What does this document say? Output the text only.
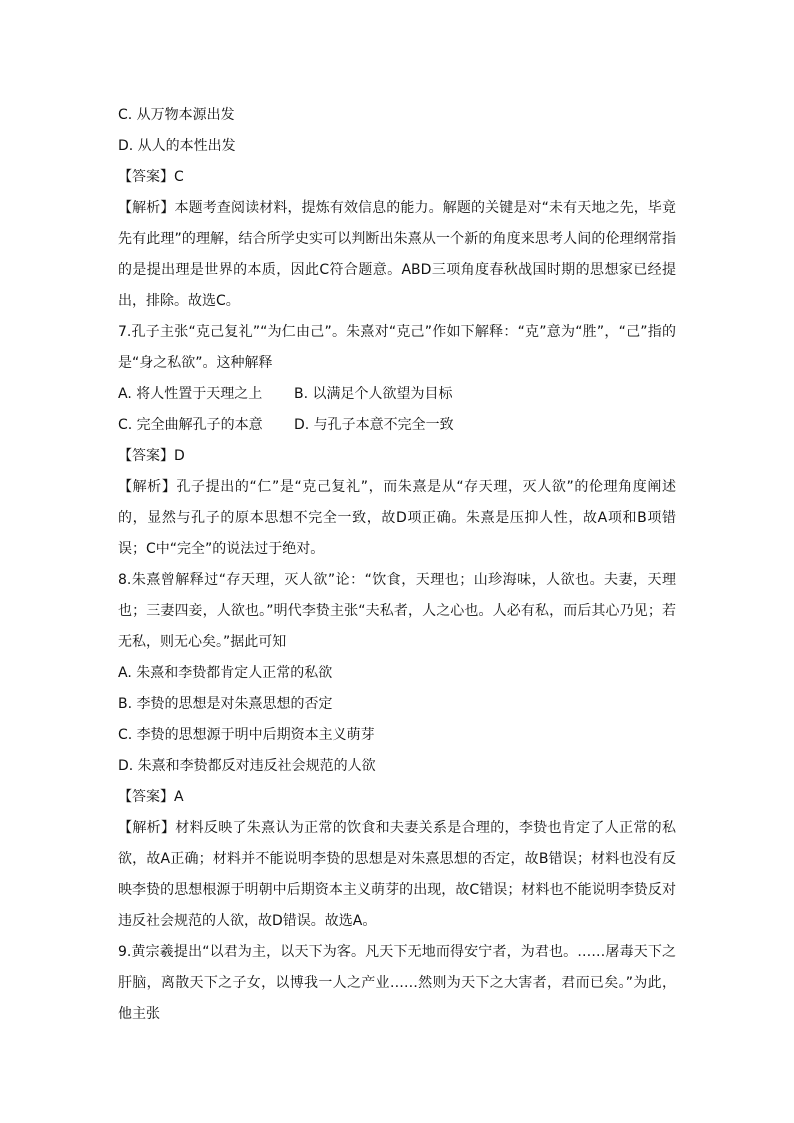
C. 从万物本源出发
D. 从人的本性出发
【答案】C
【解析】本题考查阅读材料，提炼有效信息的能力。解题的关键是对“未有天地之先，毕竟先有此理”的理解，结合所学史实可以判断出朱熹从一个新的角度来思考人间的伦理纲常指的是提出理是世界的本质，因此C符合题意。ABD三项角度春秋战国时期的思想家已经提出，排除。故选C。
7.孔子主张“克己复礼”“为仁由己”。朱熹对“克己”作如下解释：“克”意为“胜”，“己”指的是“身之私欲”。这种解释
A. 将人性置于天理之上	B. 以满足个人欲望为目标
C. 完全曲解孔子的本意	D. 与孔子本意不完全一致
【答案】D
【解析】孔子提出的“仁”是“克己复礼”，而朱熹是从“存天理，灭人欲”的伦理角度阐述的，显然与孔子的原本思想不完全一致，故D项正确。朱熹是压抑人性，故A项和B项错误；C中“完全”的说法过于绝对。
8.朱熹曾解释过“存天理，灭人欲”论：“饮食，天理也；山珍海味，人欲也。夫妻，天理也；三妻四妾，人欲也。”明代李贽主张“夫私者，人之心也。人必有私，而后其心乃见；若无私，则无心矣。”据此可知
A. 朱熹和李贽都肯定人正常的私欲
B. 李贽的思想是对朱熹思想的否定
C. 李贽的思想源于明中后期资本主义萌芽
D. 朱熹和李贽都反对违反社会规范的人欲
【答案】A
【解析】材料反映了朱熹认为正常的饮食和夫妻关系是合理的，李贽也肯定了人正常的私欲，故A正确；材料并不能说明李贽的思想是对朱熹思想的否定，故B错误；材料也没有反映李贽的思想根源于明朝中后期资本主义萌芽的出现，故C错误；材料也不能说明李贽反对违反社会规范的人欲，故D错误。故选A。
9.黄宗羲提出“以君为主，以天下为客。凡天下无地而得安宁者，为君也。……屠毒天下之肝脑，离散天下之子女，以博我一人之产业……然则为天下之大害者，君而已矣。”为此，他主张
